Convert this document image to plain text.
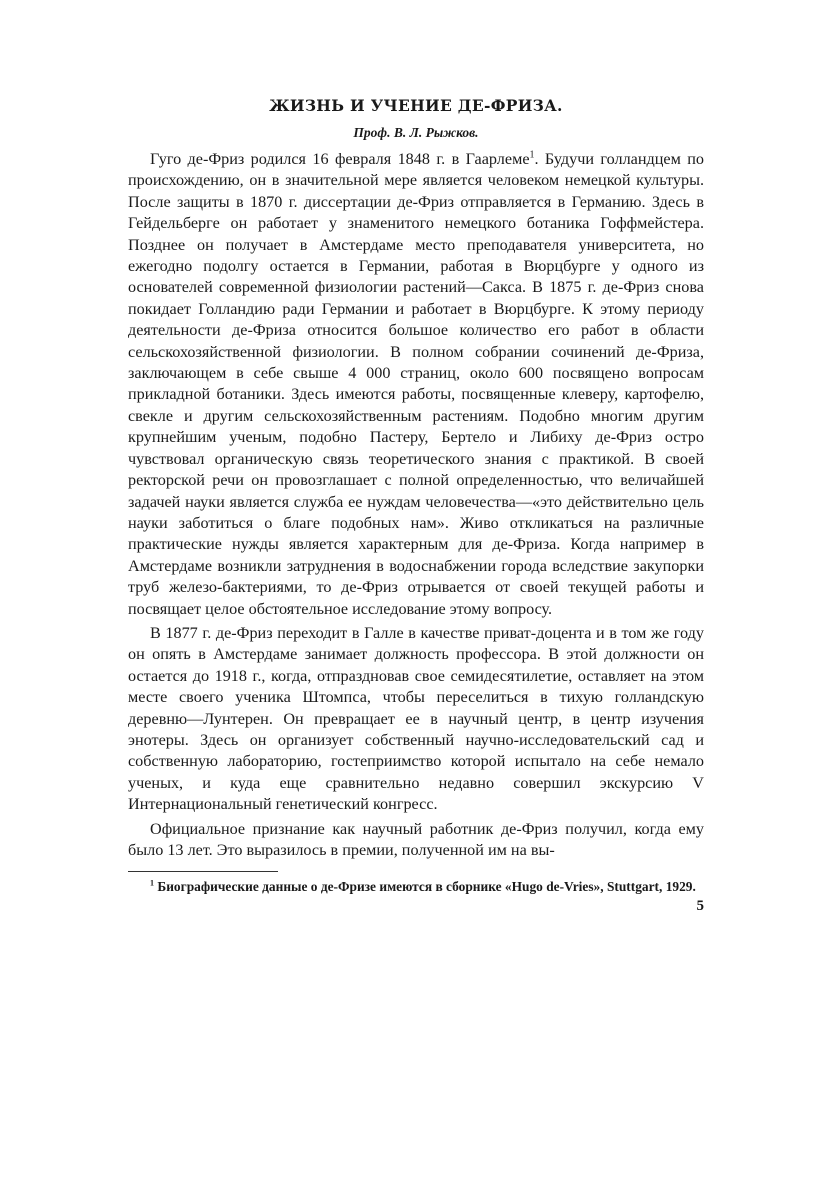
ЖИЗНЬ И УЧЕНИЕ ДЕ-ФРИЗА.
Проф. В. Л. Рыжков.

Гуго де-Фриз родился 16 февраля 1848 г. в Гаарлеме$^1$. Будучи голландцем по происхождению, он в значительной мере является человеком немецкой культуры. После защиты в 1870 г. диссертации де-Фриз отправляется в Германию. Здесь в Гейдельберге он работает у знаменитого немецкого ботаника Гоффмейстера. Позднее он получает в Амстердаме место преподавателя университета, но ежегодно подолгу остается в Германии, работая в Вюрцбурге у одного из основателей современной физиологии растений—Сакса. В 1875 г. де-Фриз снова покидает Голландию ради Германии и работает в Вюрцбурге. К этому периоду деятельности де-Фриза относится большое количество его работ в области сельскохозяйственной физиологии. В полном собрании сочинений де-Фриза, заключающем в себе свыше 4 000 страниц, около 600 посвящено вопросам прикладной ботаники. Здесь имеются работы, посвященные клеверу, картофелю, свекле и другим сельскохозяйственным растениям. Подобно многим другим крупнейшим ученым, подобно Пастеру, Бертело и Либиху де-Фриз остро чувствовал органическую связь теоретического знания с практикой. В своей ректорской речи он провозглашает с полной определенностью, что величайшей задачей науки является служба ее нуждам человечества—«это действительно цель науки заботиться о благе подобных нам». Живо откликаться на различные практические нужды является характерным для де-Фриза. Когда например в Амстердаме возникли затруднения в водоснабжении города вследствие закупорки труб железо-бактериями, то де-Фриз отрывается от своей текущей работы и посвящает целое обстоятельное исследование этому вопросу.

В 1877 г. де-Фриз переходит в Галле в качестве приват-доцента и в том же году он опять в Амстердаме занимает должность профессора. В этой должности он остается до 1918 г., когда, отпраздновав свое семидесятилетие, оставляет на этом месте своего ученика Штомпса, чтобы переселиться в тихую голландскую деревню—Лунтерен. Он превращает ее в научный центр, в центр изучения энотеры. Здесь он организует собственный научно-исследовательский сад и собственную лабораторию, гостеприимство которой испытало на себе немало ученых, и куда еще сравнительно недавно совершил экскурсию V Интернациональный генетический конгресс.

Официальное признание как научный работник де-Фриз получил, когда ему было 13 лет. Это выразилось в премии, полученной им на вы-

$^1$ Биографические данные о де-Фризе имеются в сборнике «Hugo de-Vries», Stuttgart, 1929.

5
